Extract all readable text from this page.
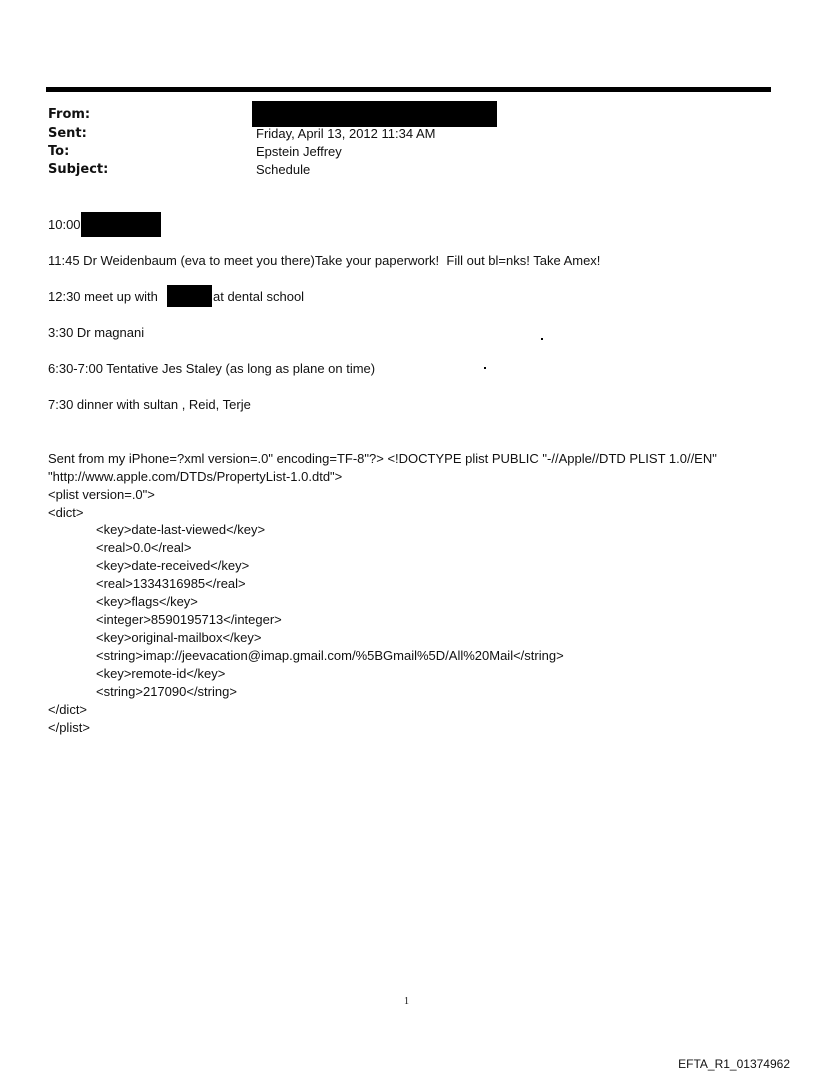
From:
Sent:	Friday, April 13, 2012 11:34 AM
To:	Epstein Jeffrey
Subject:	Schedule
10:00
11:45 Dr Weidenbaum (eva to meet you there)Take your paperwork!  Fill out bl=nks! Take Amex!
12:30 meet up with	at dental school
3:30 Dr magnani
6:30-7:00 Tentative Jes Staley (as long as plane on time)
7:30 dinner with sultan , Reid, Terje
Sent from my iPhone=?xml version=.0" encoding=TF-8"?> <!DOCTYPE plist PUBLIC "-//Apple//DTD PLIST 1.0//EN"
"http://www.apple.com/DTDs/PropertyList-1.0.dtd">
<plist version=.0">
<dict>
<key>date-last-viewed</key>
<real>0.0</real>
<key>date-received</key>
<real>1334316985</real>
<key>flags</key>
<integer>8590195713</integer>
<key>original-mailbox</key>
<string>imap://jeevacation@imap.gmail.com/%5BGmail%5D/All%20Mail</string>
<key>remote-id</key>
<string>217090</string>
</dict>
</plist>
1
EFTA_R1_01374962
